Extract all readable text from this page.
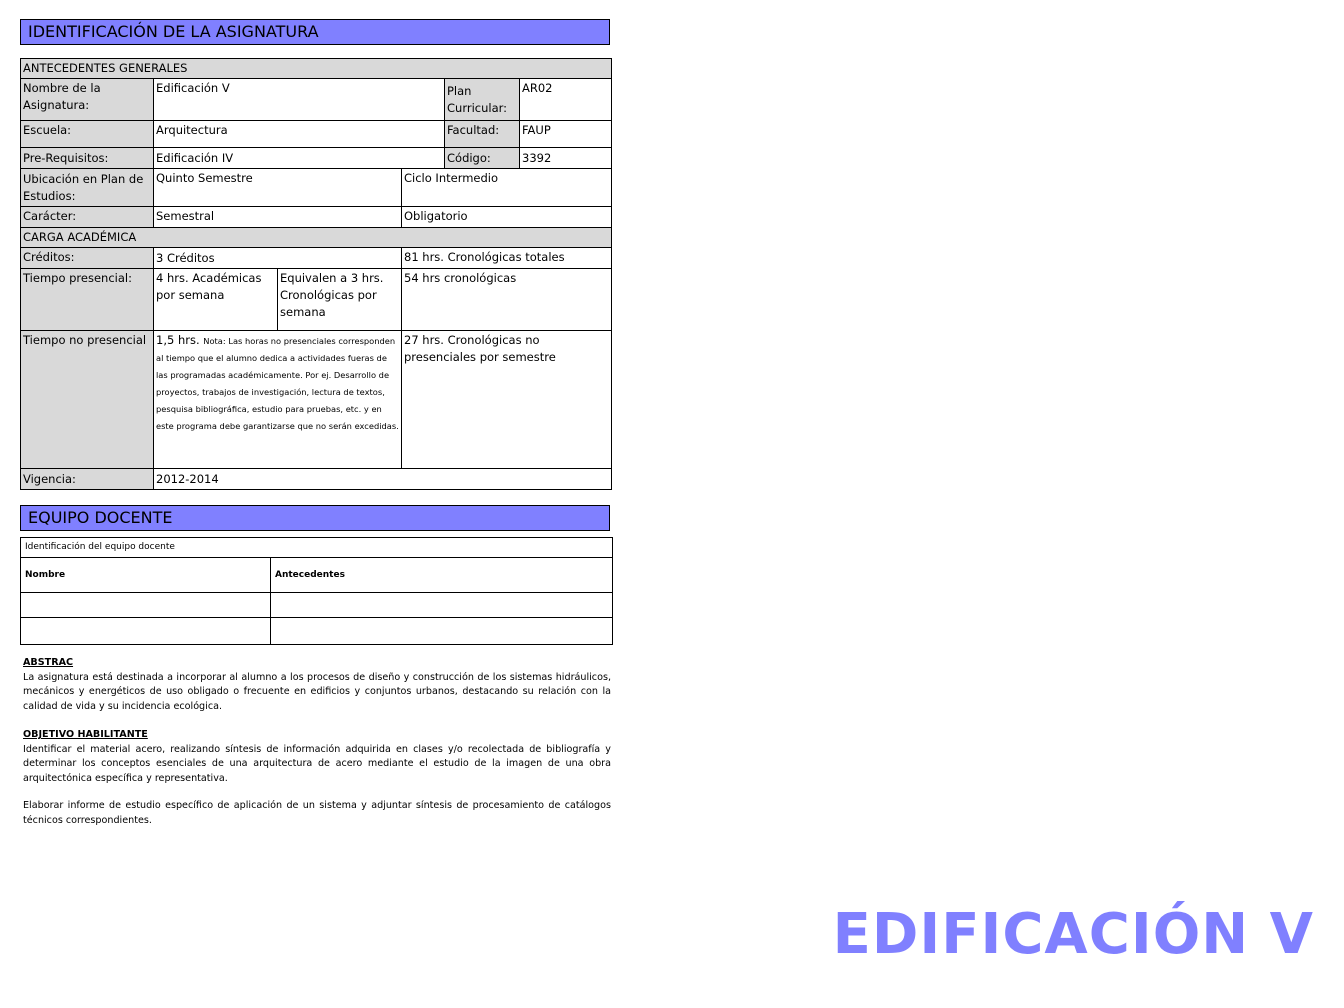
IDENTIFICACIÓN DE LA ASIGNATURA
ANTECEDENTES GENERALES					
Nombre de la Asignatura:	Edificación V			Plan Curricular:	AR02
Escuela:	Arquitectura			Facultad:	FAUP
Pre-Requisitos:	Edificación IV			Código:	3392
Ubicación en Plan de Estudios:	Quinto Semestre		Ciclo Intermedio		
Carácter:	Semestral		Obligatorio		
CARGA ACADÉMICA					
Créditos:	3 Créditos		81 hrs. Cronológicas totales		
Tiempo presencial:	4 hrs. Académicas por semana	Equivalen a 3 hrs. Cronológicas por semana	54 hrs cronológicas		
Tiempo no presencial	1,5 hrs. Nota: Las horas no presenciales corresponden al tiempo que el alumno dedica a actividades fueras de las programadas académicamente. Por ej. Desarrollo de proyectos, trabajos de investigación, lectura de textos, pesquisa bibliográfica, estudio para pruebas, etc. y en este programa debe garantizarse que no serán excedidas.		27 hrs. Cronológicas no presenciales por semestre		
Vigencia:	2012-2014				
EQUIPO DOCENTE
Identificación del equipo docente	
Nombre	Antecedentes

ABSTRAC

La asignatura está destinada a incorporar al alumno a los procesos de diseño y construcción de los sistemas hidráulicos, mecánicos y energéticos de uso obligado o frecuente en edificios y conjuntos urbanos, destacando su relación con la calidad de vida y su incidencia ecológica.

OBJETIVO HABILITANTE

Identificar el material acero, realizando síntesis de información adquirida en clases y/o recolectada de bibliografía y determinar los conceptos esenciales de una arquitectura de acero mediante el estudio de la imagen de una obra arquitectónica específica y representativa.

Elaborar informe de estudio específico de aplicación de un sistema y adjuntar síntesis de procesamiento de catálogos técnicos correspondientes.

EDIFICACIÓN V
